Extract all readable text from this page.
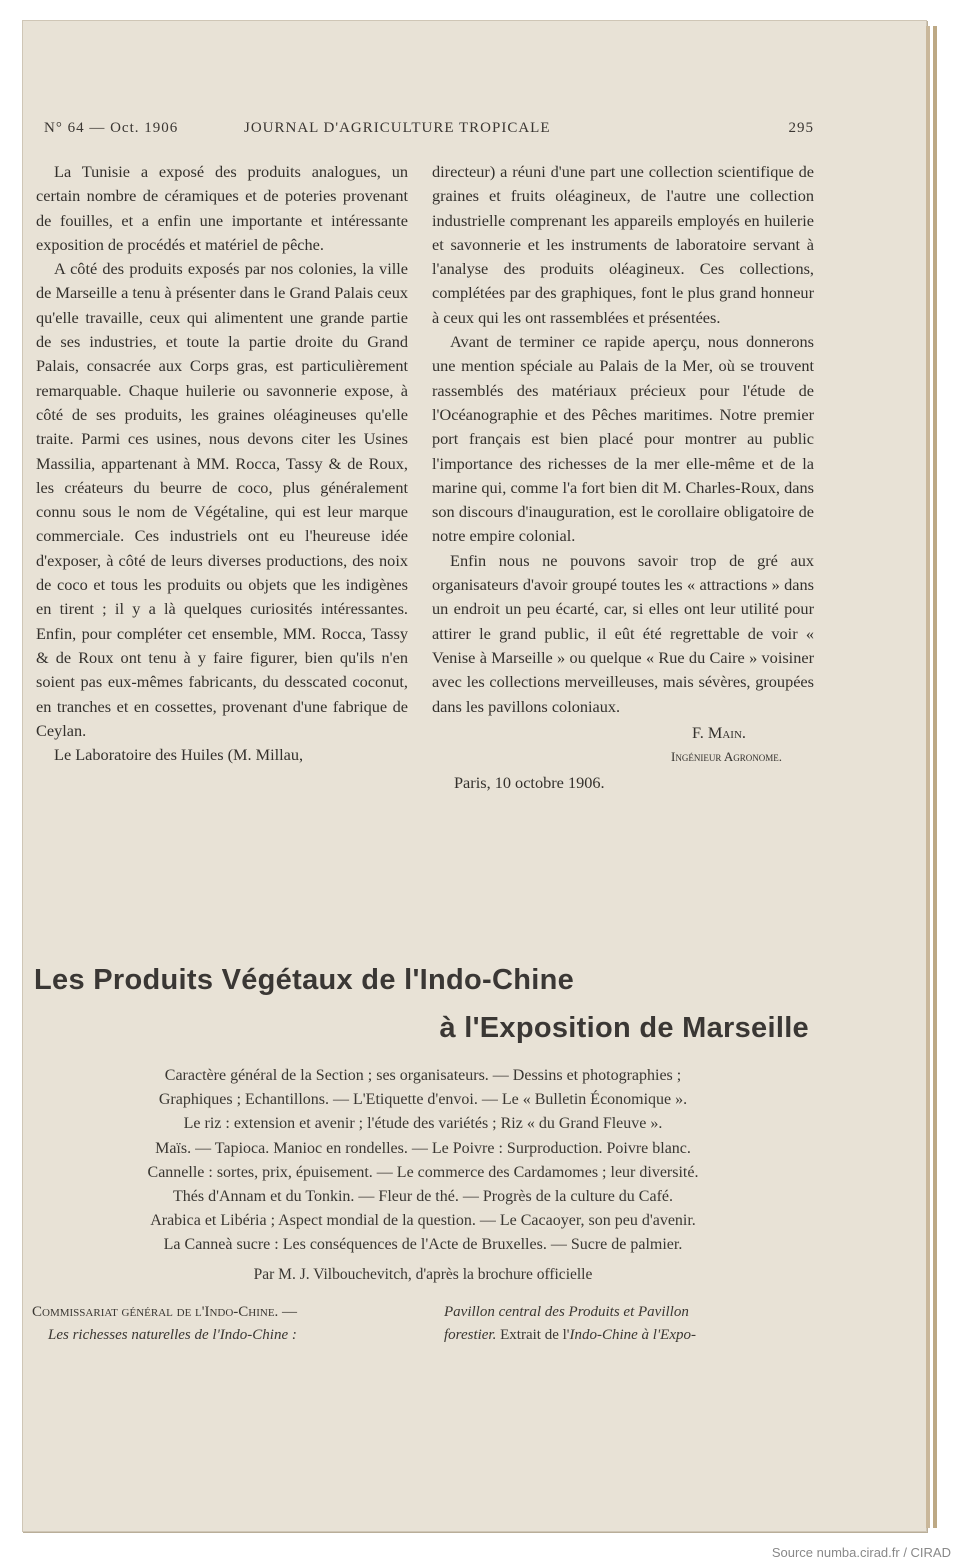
N° 64 — Oct. 1906	JOURNAL D'AGRICULTURE TROPICALE	295

La Tunisie a exposé des produits analogues, un certain nombre de céramiques et de poteries provenant de fouilles, et a enfin une importante et intéressante exposition de procédés et matériel de pêche.

A côté des produits exposés par nos colonies, la ville de Marseille a tenu à présenter dans le Grand Palais ceux qu'elle travaille, ceux qui alimentent une grande partie de ses industries, et toute la partie droite du Grand Palais, consacrée aux Corps gras, est particulièrement remarquable. Chaque huilerie ou savonnerie expose, à côté de ses produits, les graines oléagineuses qu'elle traite. Parmi ces usines, nous devons citer les Usines Massilia, appartenant à MM. Rocca, Tassy & de Roux, les créateurs du beurre de coco, plus généralement connu sous le nom de Végétaline, qui est leur marque commerciale. Ces industriels ont eu l'heureuse idée d'exposer, à côté de leurs diverses productions, des noix de coco et tous les produits ou objets que les indigènes en tirent ; il y a là quelques curiosités intéressantes. Enfin, pour compléter cet ensemble, MM. Rocca, Tassy & de Roux ont tenu à y faire figurer, bien qu'ils n'en soient pas eux-mêmes fabricants, du desscated coconut, en tranches et en cossettes, provenant d'une fabrique de Ceylan.

Le Laboratoire des Huiles (M. Millau,

directeur) a réuni d'une part une collection scientifique de graines et fruits oléagineux, de l'autre une collection industrielle comprenant les appareils employés en huilerie et savonnerie et les instruments de laboratoire servant à l'analyse des produits oléagineux. Ces collections, complétées par des graphiques, font le plus grand honneur à ceux qui les ont rassemblées et présentées.

Avant de terminer ce rapide aperçu, nous donnerons une mention spéciale au Palais de la Mer, où se trouvent rassemblés des matériaux précieux pour l'étude de l'Océanographie et des Pêches maritimes. Notre premier port français est bien placé pour montrer au public l'importance des richesses de la mer elle-même et de la marine qui, comme l'a fort bien dit M. Charles-Roux, dans son discours d'inauguration, est le corollaire obligatoire de notre empire colonial.

Enfin nous ne pouvons savoir trop de gré aux organisateurs d'avoir groupé toutes les « attractions » dans un endroit un peu écarté, car, si elles ont leur utilité pour attirer le grand public, il eût été regrettable de voir « Venise à Marseille » ou quelque « Rue du Caire » voisiner avec les collections merveilleuses, mais sévères, groupées dans les pavillons coloniaux.

F. Main.
Ingénieur Agronome.
Paris, 10 octobre 1906.
Les Produits Végétaux de l'Indo-Chine
à l'Exposition de Marseille
Caractère général de la Section ; ses organisateurs. — Dessins et photographies ;
Graphiques ; Echantillons. — L'Etiquette d'envoi. — Le « Bulletin Économique ».
Le riz : extension et avenir ; l'étude des variétés ; Riz « du Grand Fleuve ».
Maïs. — Tapioca. Manioc en rondelles. — Le Poivre : Surproduction. Poivre blanc.
Cannelle : sortes, prix, épuisement. — Le commerce des Cardamomes ; leur diversité.
Thés d'Annam et du Tonkin. — Fleur de thé. — Progrès de la culture du Café.
Arabica et Libéria ; Aspect mondial de la question. — Le Cacaoyer, son peu d'avenir.
La Canneà sucre : Les conséquences de l'Acte de Bruxelles. — Sucre de palmier.
Par M. J. Vilbouchevitch, d'après la brochure officielle
Commissariat général de l'Indo-Chine. —
Les richesses naturelles de l'Indo-Chine :
Pavillon central des Produits et Pavillon
forestier. Extrait de l'Indo-Chine à l'Expo-
Source numba.cirad.fr / CIRAD
